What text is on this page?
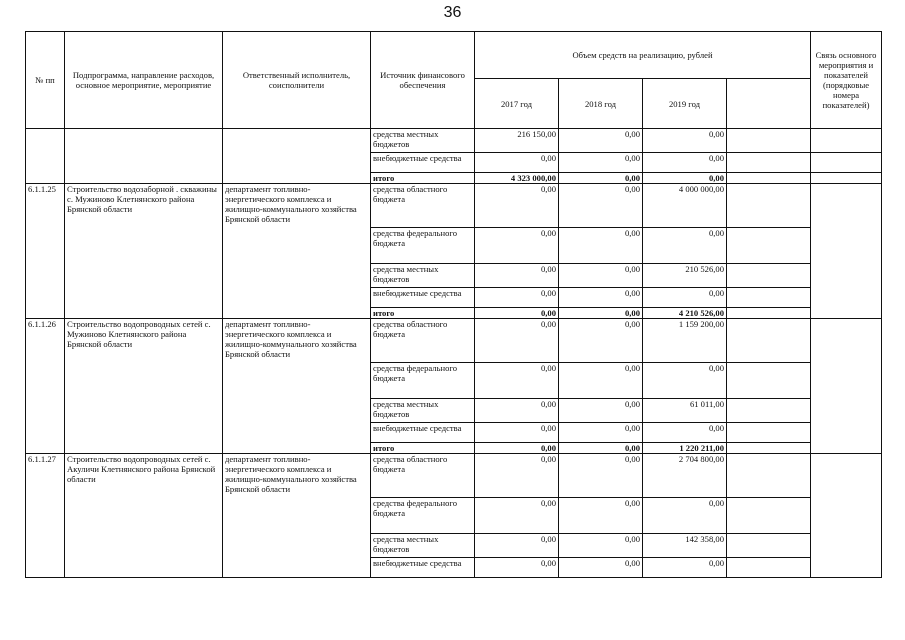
36
№ пп	Подпрограмма, направление расходов, основное мероприятие, мероприятие	Ответственный исполнитель, соисполнители	Источник финансового обеспечения	Объем средств на реализацию, рублей				Связь основного мероприятия и показателей (порядковые номера показателей)
				2017 год	2018 год	2019 год		
			средства местных бюджетов	216 150,00	0,00	0,00		
			внебюджетные средства	0,00	0,00	0,00		
			итого	4 323 000,00	0,00	0,00		
6.1.1.25	Строительство водозаборной . скважины с. Мужиново Клетнянского района Брянской области	департамент топливно-энергетического комплекса и жилищно-коммунального хозяйства Брянской области	средства областного бюджета	0,00	0,00	4 000 000,00		
			средства федерального бюджета	0,00	0,00	0,00		
			средства местных бюджетов	0,00	0,00	210 526,00		
			внебюджетные средства	0,00	0,00	0,00		
			итого	0,00	0,00	4 210 526,00		
6.1.1.26	Строительство водопроводных сетей с. Мужиново Клетнянского района Брянской области	департамент топливно-энергетического комплекса и жилищно-коммунального хозяйства Брянской области	средства областного бюджета	0,00	0,00	1 159 200,00		
			средства федерального бюджета	0,00	0,00	0,00		
			средства местных бюджетов	0,00	0,00	61 011,00		
			внебюджетные средства	0,00	0,00	0,00		
			итого	0,00	0,00	1 220 211,00		
6.1.1.27	Строительство водопроводных сетей с. Акуличи Клетнянского района Брянской области	департамент топливно-энергетического комплекса и жилищно-коммунального хозяйства Брянской области	средства областного бюджета	0,00	0,00	2 704 800,00		
			средства федерального бюджета	0,00	0,00	0,00		
			средства местных бюджетов	0,00	0,00	142 358,00		
			внебюджетные средства	0,00	0,00	0,00		
